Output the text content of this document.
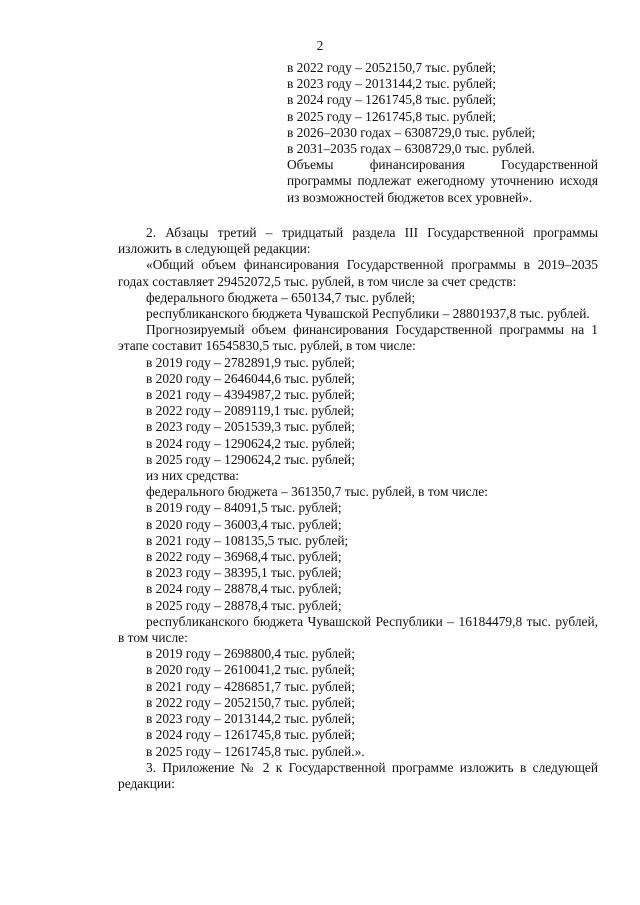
2
в 2022 году – 2052150,7 тыс. рублей;
в 2023 году – 2013144,2 тыс. рублей;
в 2024 году – 1261745,8 тыс. рублей;
в 2025 году – 1261745,8 тыс. рублей;
в 2026–2030 годах – 6308729,0 тыс. рублей;
в 2031–2035 годах – 6308729,0 тыс. рублей.
Объемы финансирования Государственной программы подлежат ежегодному уточнению исходя из возможностей бюджетов всех уровней».

2. Абзацы третий – тридцатый раздела III Государственной программы изложить в следующей редакции:

«Общий объем финансирования Государственной программы в 2019–2035 годах составляет 29452072,5 тыс. рублей, в том числе за счет средств:

федерального бюджета – 650134,7 тыс. рублей;

республиканского бюджета Чувашской Республики – 28801937,8 тыс. рублей.

Прогнозируемый объем финансирования Государственной программы на 1 этапе составит 16545830,5 тыс. рублей, в том числе:

в 2019 году – 2782891,9 тыс. рублей;

в 2020 году – 2646044,6 тыс. рублей;

в 2021 году – 4394987,2 тыс. рублей;

в 2022 году – 2089119,1 тыс. рублей;

в 2023 году – 2051539,3 тыс. рублей;

в 2024 году – 1290624,2 тыс. рублей;

в 2025 году – 1290624,2 тыс. рублей;

из них средства:

федерального бюджета – 361350,7 тыс. рублей, в том числе:

в 2019 году – 84091,5 тыс. рублей;

в 2020 году – 36003,4 тыс. рублей;

в 2021 году – 108135,5 тыс. рублей;

в 2022 году – 36968,4 тыс. рублей;

в 2023 году – 38395,1 тыс. рублей;

в 2024 году – 28878,4 тыс. рублей;

в 2025 году – 28878,4 тыс. рублей;

республиканского бюджета Чувашской Республики – 16184479,8 тыс. рублей, в том числе:

в 2019 году – 2698800,4 тыс. рублей;

в 2020 году – 2610041,2 тыс. рублей;

в 2021 году – 4286851,7 тыс. рублей;

в 2022 году – 2052150,7 тыс. рублей;

в 2023 году – 2013144,2 тыс. рублей;

в 2024 году – 1261745,8 тыс. рублей;

в 2025 году – 1261745,8 тыс. рублей.».

3. Приложение № 2 к Государственной программе изложить в следующей редакции:
